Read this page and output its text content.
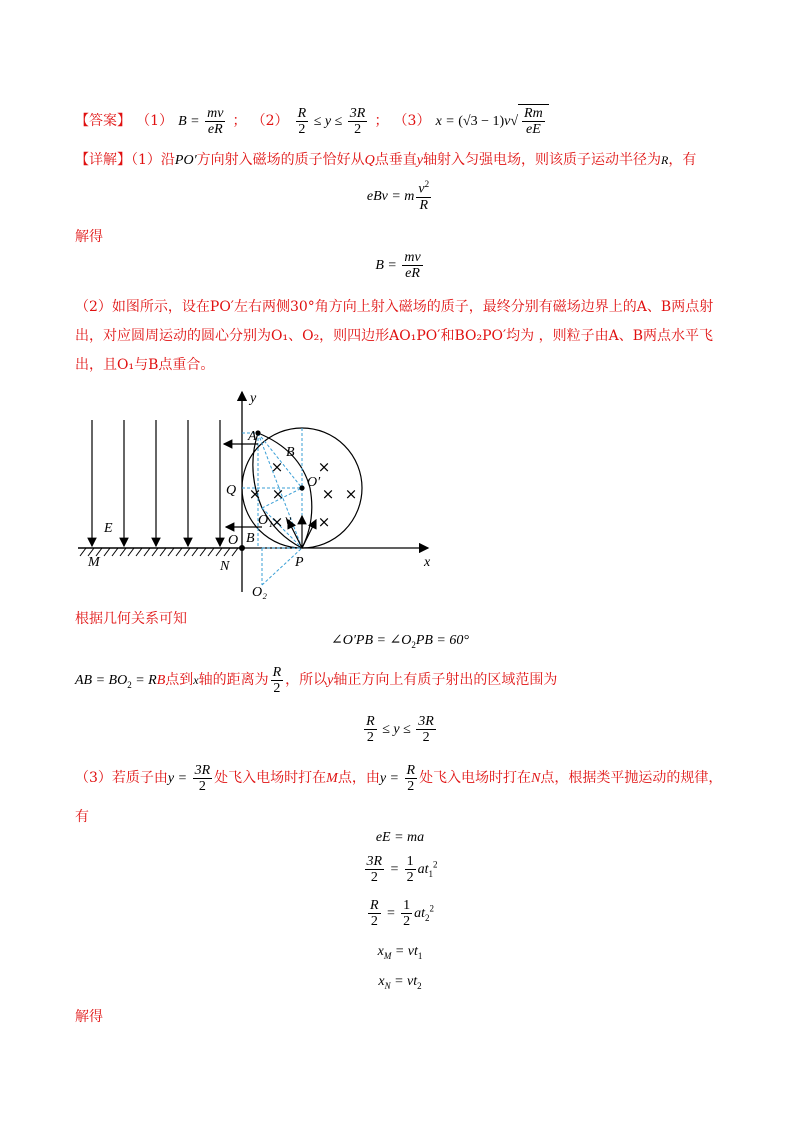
【答案】 （1） $B = \frac{mv}{eR}$ ； $(2) \frac{R}{2} \le y \le \frac{3R}{2}$ ； （3） $x = (√3 - 1)v√ \frac{Rm}{eE}$
【详解】（1）沿PO′方向射入磁场的质子恰好从Q点垂直y轴射入匀强电场，则该质子运动半径为R，有
eBv = m $\frac{v^2}{R}$
解得
$B = \frac{mv}{eR}$
（2）如图所示，设在PO′左右两侧30°角方向上射入磁场的质子，最终分别有磁场边界上的A、B两点射
出，对应圆周运动的圆心分别为O₁、O₂，则四边形AO₁PO′和BO₂PO′均为 ，则粒子由A、B两点水平飞
出，且O₁与B点重合。
× ×
× × × ×
× ×
y
x
A
B
Q
O′
O₁ v
B
O
E
M	N	P
O₂
根据几何关系可知
∠O′PB = $\angle O_2PB = 60^\circ$
AB = $BO_2$ = RB点到x轴的距离为 $\frac{R}{2}$ ，所以y轴正方向上有质子射出的区域范围为
$\frac{R}{2} \le y \le \frac{3R}{2}$
（3）若质子由$y = \frac{3R}{2}$ 处飞入电场时打在M点，由$y = \frac{R}{2}$ 处飞入电场时打在N点，根据类平抛运动的规律，
有
eE = ma
$\frac{3R}{2} = \frac{1}{2} at_1^2$
$\frac{R}{2} = \frac{1}{2} at_2^2$
$x_M = vt_1$
$x_N = vt_2$
解得
